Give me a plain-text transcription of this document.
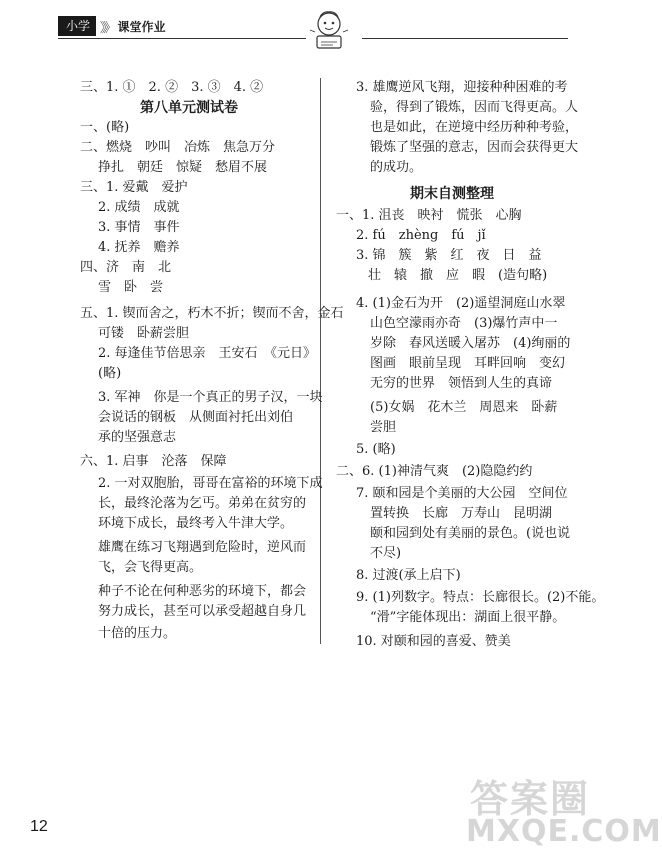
小学 》》 课堂作业
三、1. ①　2. ②　3. ③　4. ②
第八单元测试卷
一、(略)
二、燃烧　吵叫　冶炼　焦急万分
挣扎　朝廷　惊疑　愁眉不展
三、1. 爱戴　爱护
2. 成绩　成就
3. 事情　事件
4. 抚养　赡养
四、济　南　北
雪　卧　尝
五、1. 锲而舍之，朽木不折；锲而不舍，金石
可镂　卧薪尝胆
2. 每逢佳节倍思亲　王安石　《元日》
(略)
3. 军神　你是一个真正的男子汉，一块
会说话的钢板　从侧面衬托出刘伯
承的坚强意志
六、1. 启事　沦落　保障
2. 一对双胞胎，哥哥在富裕的环境下成
长，最终沦落为乞丐。弟弟在贫穷的
环境下成长，最终考入牛津大学。
雄鹰在练习飞翔遇到危险时，逆风而
飞，会飞得更高。
种子不论在何种恶劣的环境下，都会
努力成长，甚至可以承受超越自身几
十倍的压力。
3. 雄鹰逆风飞翔，迎接种种困难的考
验，得到了锻炼，因而飞得更高。人
也是如此，在逆境中经历种种考验，
锻炼了坚强的意志，因而会获得更大
的成功。
期末自测整理
一、1. 沮丧　映衬　慌张　心胸
2. fú　zhèng　fú　jǐ
3. 锦　簇　紫　红　夜　日　益
壮　辕　撤　应　暇　(造句略)
4. (1)金石为开　(2)遥望洞庭山水翠
山色空濛雨亦奇　(3)爆竹声中一
岁除　春风送暖入屠苏　(4)绚丽的
图画　眼前呈现　耳畔回响　变幻
无穷的世界　领悟到人生的真谛
(5)女娲　花木兰　周恩来　卧薪
尝胆
5. (略)
二、6. (1)神清气爽　(2)隐隐约约
7. 颐和园是个美丽的大公园　空间位
置转换　长廊　万寿山　昆明湖
颐和园到处有美丽的景色。(说也说
不尽)
8. 过渡(承上启下)
9. (1)列数字。特点：长廊很长。(2)不能。
“滑”字能体现出：湖面上很平静。
10. 对颐和园的喜爱、赞美
12
答案圈
MXQE.COM
